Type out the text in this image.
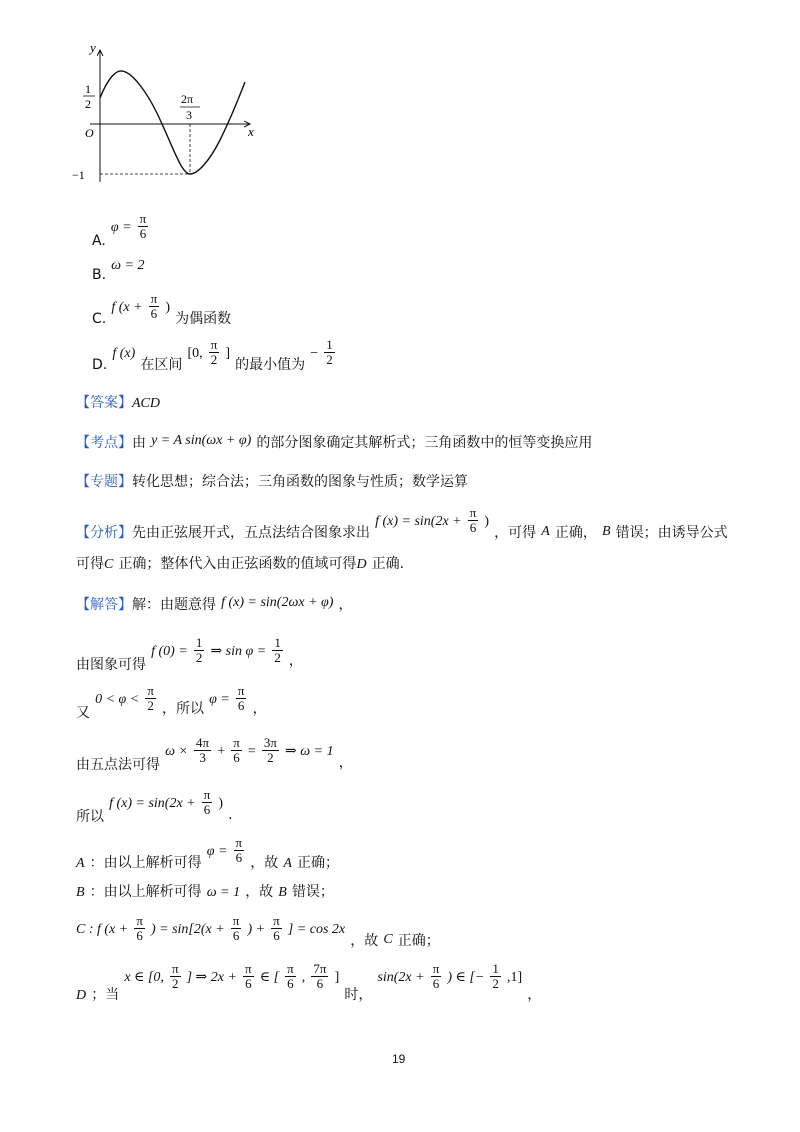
y
x
O
1
2	2π
3
−1
A. $\varphi = \frac{\pi}{6}$
B. ω = 2
C. f ($x + \frac{\pi}{6}$ ) 为偶函数
D. f (x) 在区间 [0, $\frac{\pi}{2}$ ] 的最小值为 − $\frac{1}{2}$
【答案】ACD
【考点】由 y = A sin(ωx + φ) 的部分图象确定其解析式；三角函数中的恒等变换应用
【专题】转化思想；综合法；三角函数的图象与性质；数学运算
【分析】先由正弦展开式，五点法结合图象求出 f $(x) = \sin(2x + \frac{\pi}{6}$ ) ，可得 A 正确， B 错误；由诱导公式
可得C 正确；整体代入由正弦函数的值域可得D 正确.
【解答】解：由题意得 f (x) = sin(2ωx + φ) ，
由图象可得 f $(0) = \frac{1}{2}$ ⇒ $\sin \varphi = \frac{1}{2}$ ，
又 $0 < \varphi < \frac{\pi}{2}$ ，所以 $\varphi = \frac{\pi}{6}$ ，
由五点法可得 $\omega \times \frac{4\pi}{3} + \frac{\pi}{6} = \frac{3\pi}{2}$ ⇒ ω = 1 ，
所以 f $(x) = \sin(2x + \frac{\pi}{6}$ ) .
A ：由以上解析可得 $\varphi = \frac{\pi}{6}$ ，故 A 正确；
B ：由以上解析可得 ω = 1 ，故 B 错误；
C : f ($x + \frac{\pi}{6}$ ) = $\sin[2(x + \frac{\pi}{6}$ ) + $\frac{\pi}{6}$ ] = cos 2x ，故 C 正确；
D ；当 x ∈ [0, $\frac{\pi}{2}$ ] ⇒ $2x + \frac{\pi}{6}$ ∈ [ $\frac{\pi}{6}$ , $\frac{7\pi}{6}$ ] 时， $\sin(2x + \frac{\pi}{6}$ ) ∈ [− $\frac{1}{2} ,1$] ，
19
